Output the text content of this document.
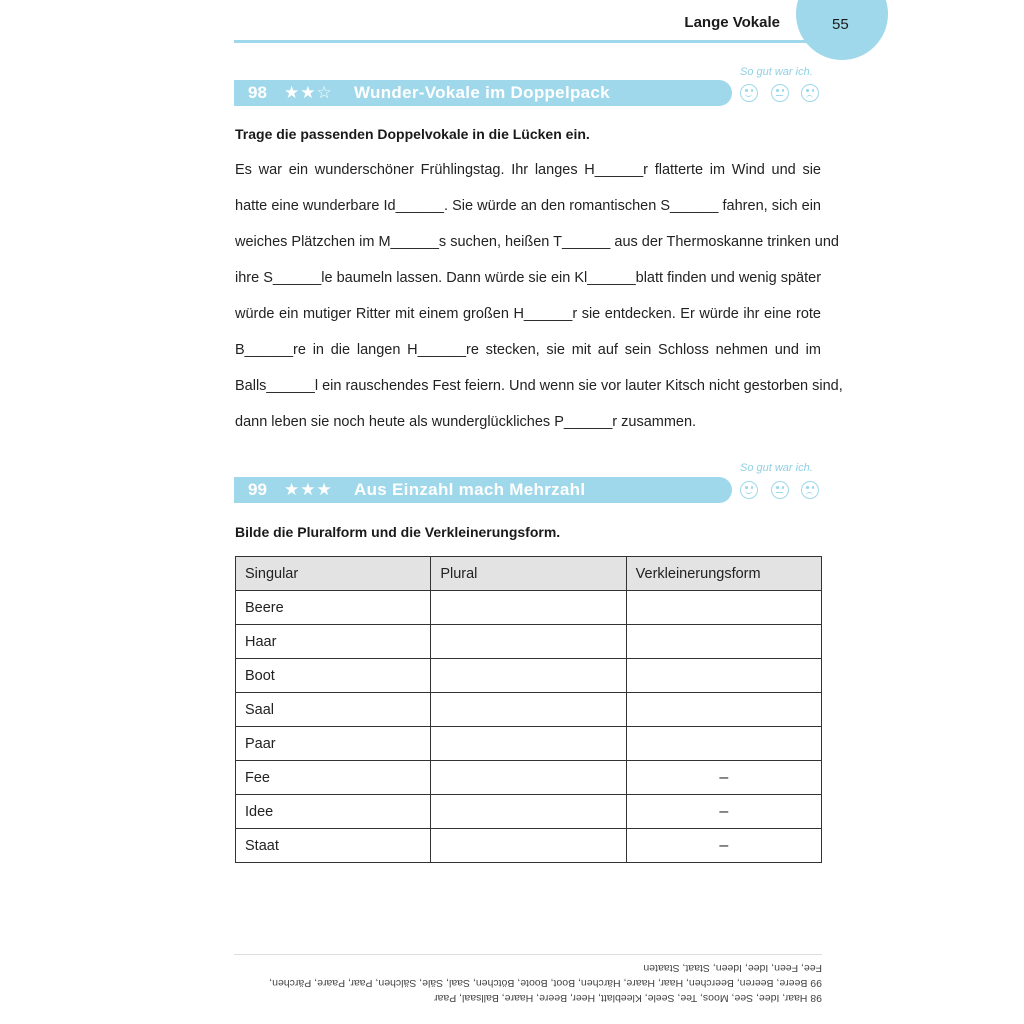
Lange Vokale	55
So gut war ich.
98 ★★☆ Wunder-Vokale im Doppelpack
Trage die passenden Doppelvokale in die Lücken ein.
Es war ein wunderschöner Frühlingstag. Ihr langes H______r flatterte im Wind und sie
hatte eine wunderbare Id______. Sie würde an den romantischen S______ fahren, sich ein
weiches Plätzchen im M______s suchen, heißen T______ aus der Thermoskanne trinken und
ihre S______le baumeln lassen. Dann würde sie ein Kl______blatt finden und wenig später
würde ein mutiger Ritter mit einem großen H______r sie entdecken. Er würde ihr eine rote
B______re in die langen H______re stecken, sie mit auf sein Schloss nehmen und im
Balls______l ein rauschendes Fest feiern. Und wenn sie vor lauter Kitsch nicht gestorben sind,
dann leben sie noch heute als wunderglückliches P______r zusammen.
So gut war ich.
99 ★★★ Aus Einzahl mach Mehrzahl
Bilde die Pluralform und die Verkleinerungsform.
Singular	Plural	Verkleinerungsform
Beere		
Haar		
Boot		
Saal		
Paar		
Fee		–
Idee		–
Staat		–
98 Haar, Idee, See, Moos, Tee, Seele, Kleeblatt, Heer, Beere, Haare, Ballsaal, Paar
99 Beere, Beeren, Beerchen, Haar, Haare, Härchen, Boot, Boote, Bötchen, Saal, Säle, Sälchen, Paar, Paare, Pärchen,
Fee, Feen, Idee, Ideen, Staat, Staaten
